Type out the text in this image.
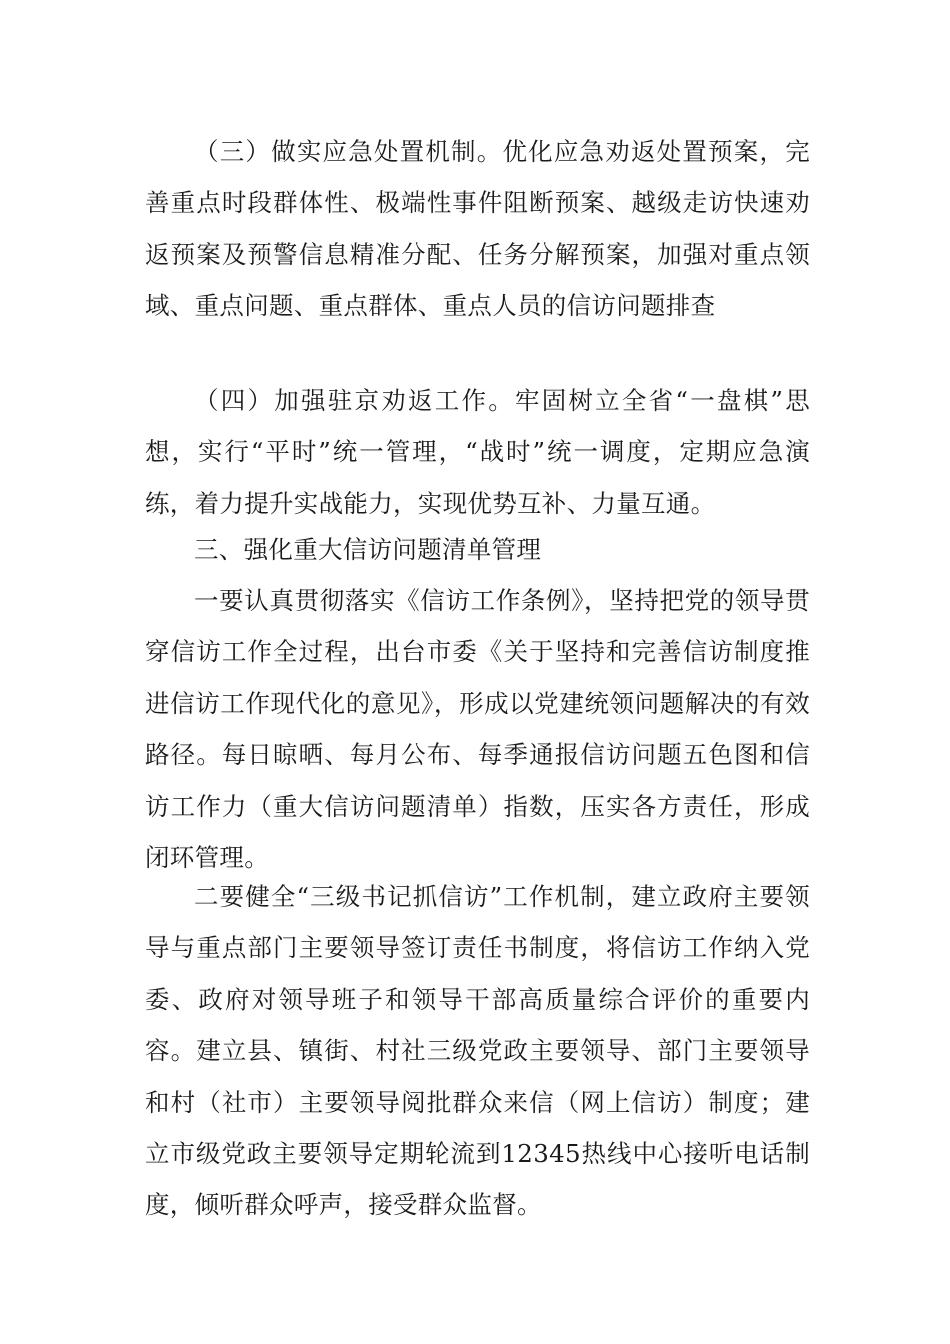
（三）做实应急处置机制。优化应急劝返处置预案，完善重点时段群体性、极端性事件阻断预案、越级走访快速劝返预案及预警信息精准分配、任务分解预案，加强对重点领域、重点问题、重点群体、重点人员的信访问题排查

（四）加强驻京劝返工作。牢固树立全省“一盘棋”思想，实行“平时”统一管理，“战时”统一调度，定期应急演练，着力提升实战能力，实现优势互补、力量互通。

三、强化重大信访问题清单管理

一要认真贯彻落实《信访工作条例》，坚持把党的领导贯穿信访工作全过程，出台市委《关于坚持和完善信访制度推进信访工作现代化的意见》，形成以党建统领问题解决的有效路径。每日晾晒、每月公布、每季通报信访问题五色图和信访工作力（重大信访问题清单）指数，压实各方责任，形成闭环管理。

二要健全“三级书记抓信访”工作机制，建立政府主要领导与重点部门主要领导签订责任书制度，将信访工作纳入党委、政府对领导班子和领导干部高质量综合评价的重要内容。建立县、镇街、村社三级党政主要领导、部门主要领导和村（社市）主要领导阅批群众来信（网上信访）制度；建立市级党政主要领导定期轮流到12345热线中心接听电话制度，倾听群众呼声，接受群众监督。
